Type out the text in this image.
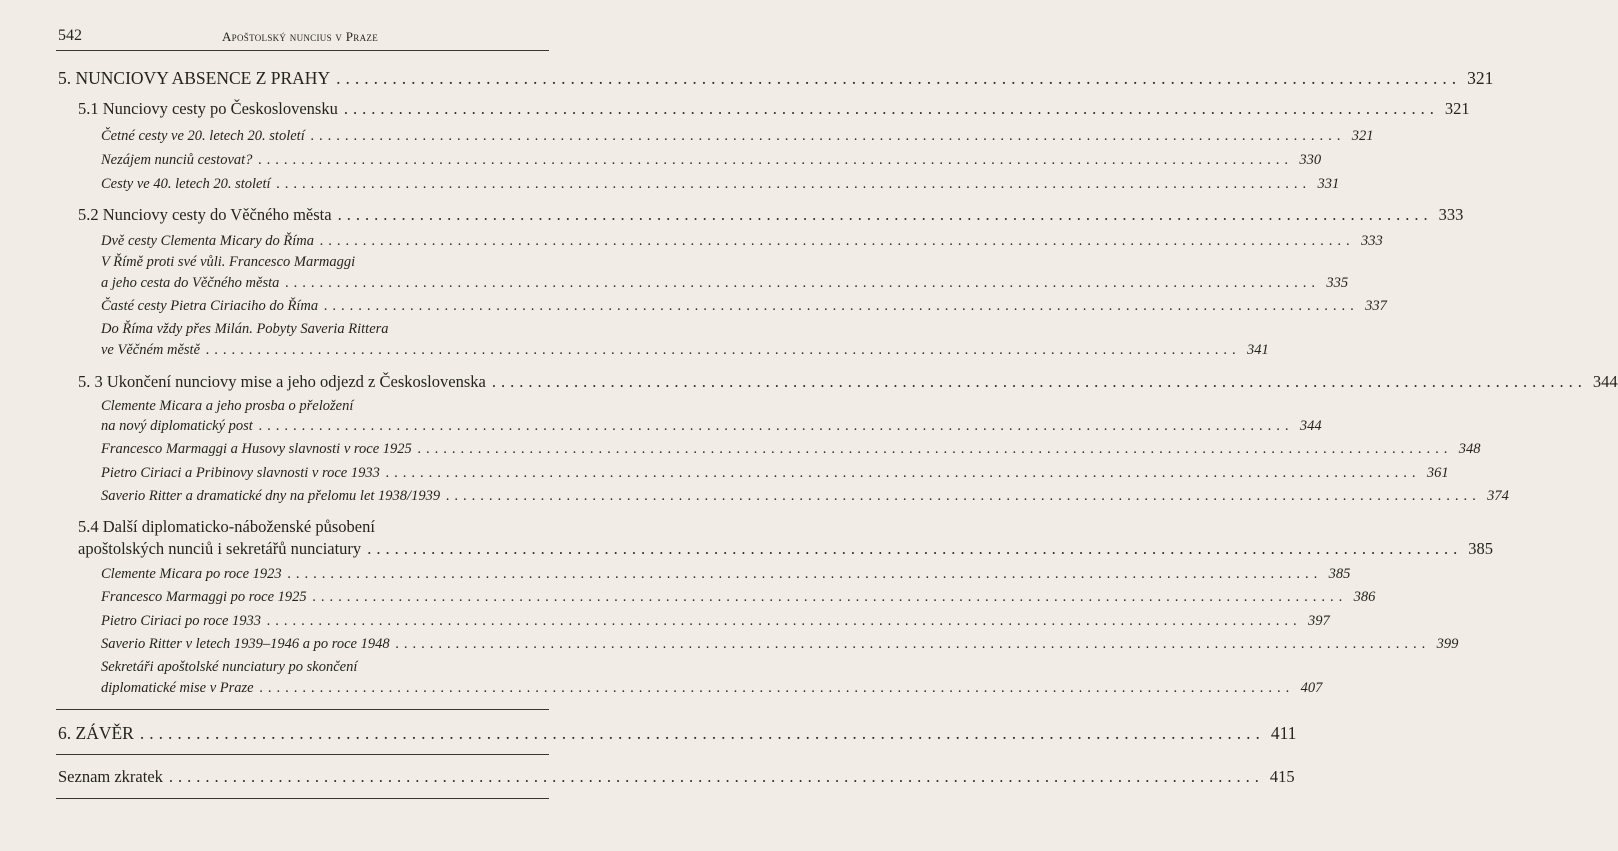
542	Apoštolský nuncius v Praze
5. NUNCIOVY ABSENCE Z PRAHY ........................................................................................................................ 321
5.1 Nunciovy cesty po Československu ........................................................................................................................ 321
Četné cesty ve 20. letech 20. století ........................................................................................................................ 321
Nezájem nunciů cestovat? ........................................................................................................................ 330
Cesty ve 40. letech 20. století ........................................................................................................................ 331
5.2 Nunciovy cesty do Věčného města ........................................................................................................................ 333
Dvě cesty Clementa Micary do Říma ........................................................................................................................ 333
V Římě proti své vůli. Francesco Marmaggi
a jeho cesta do Věčného města ........................................................................................................................ 335
Časté cesty Pietra Ciriaciho do Říma ........................................................................................................................ 337
Do Říma vždy přes Milán. Pobyty Saveria Rittera
ve Věčném městě ........................................................................................................................ 341
5. 3 Ukončení nunciovy mise a jeho odjezd z Československa ........................................................................................................................ 344
Clemente Micara a jeho prosba o přeložení
na nový diplomatický post ........................................................................................................................ 344
Francesco Marmaggi a Husovy slavnosti v roce 1925 ........................................................................................................................ 348
Pietro Ciriaci a Pribinovy slavnosti v roce 1933 ........................................................................................................................ 361
Saverio Ritter a dramatické dny na přelomu let 1938/1939 ........................................................................................................................ 374
5.4 Další diplomaticko-náboženské působení
apoštolských nunciů i sekretářů nunciatury ........................................................................................................................ 385
Clemente Micara po roce 1923 ........................................................................................................................ 385
Francesco Marmaggi po roce 1925 ........................................................................................................................ 386
Pietro Ciriaci po roce 1933 ........................................................................................................................ 397
Saverio Ritter v letech 1939–1946 a po roce 1948 ........................................................................................................................ 399
Sekretáři apoštolské nunciatury po skončení
diplomatické mise v Praze ........................................................................................................................ 407
6. ZÁVĚR ........................................................................................................................ 411
Seznam zkratek ........................................................................................................................ 415
